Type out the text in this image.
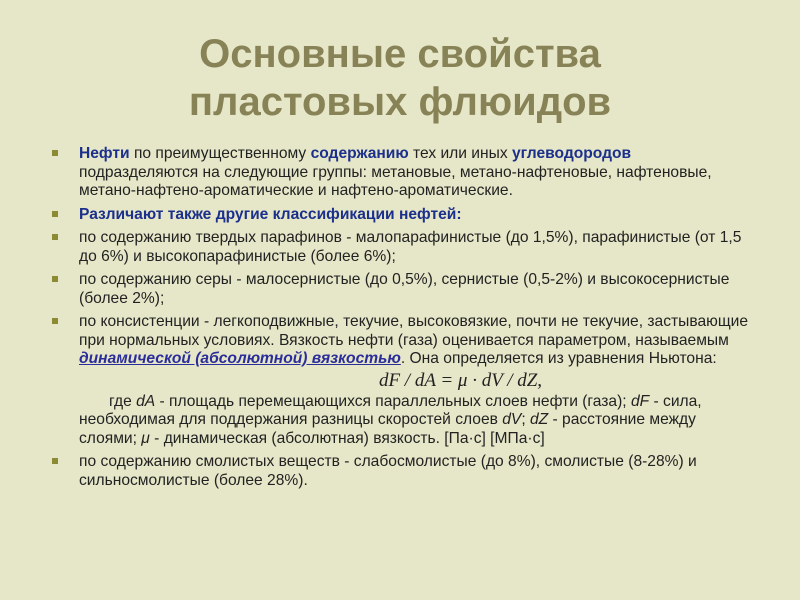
Основные свойства
пластовых флюидов
Нефти по преимущественному содержанию тех или иных углеводородов подразделяются на следующие группы: метановые, метано-нафтеновые, нафтеновые, метано-нафтено-ароматические и нафтено-ароматические.
Различают также другие классификации нефтей:
по содержанию твердых парафинов - малопарафинистые (до 1,5%), парафинистые (от 1,5 до 6%) и высокопарафинистые (более 6%);
по содержанию серы - малосернистые (до 0,5%), сернистые (0,5-2%) и высокосернистые (более 2%);
по консистенции - легкоподвижные, текучие, высоковязкие, почти не текучие, застывающие при нормальных условиях. Вязкость нефти (газа) оценивается параметром, называемым динамической (абсолютной) вязкостью. Она определяется из уравнения Ньютона:
dF / dA = μ · dV / dZ,
где dA - площадь перемещающихся параллельных слоев нефти (газа); dF - сила, необходимая для поддержания разницы скоростей слоев dV; dZ - расстояние между слоями; μ - динамическая (абсолютная) вязкость. [Па·с] [МПа·с]
по содержанию смолистых веществ - слабосмолистые (до 8%), смолистые (8-28%) и сильносмолистые (более 28%).
